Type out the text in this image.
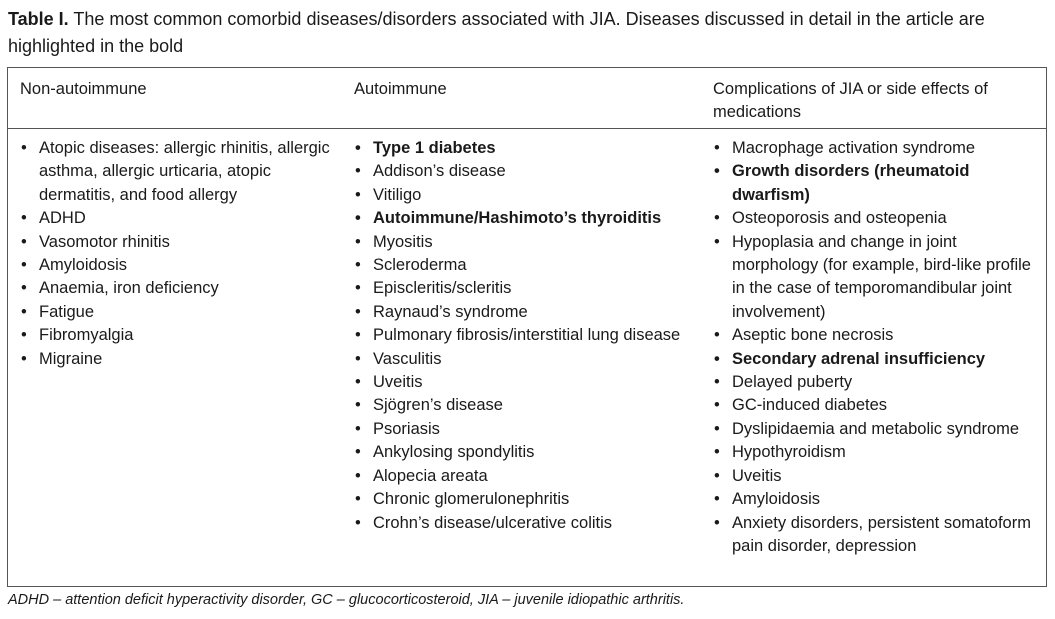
Table I. The most common comorbid diseases/disorders associated with JIA. Diseases discussed in detail in the article are highlighted in the bold
Non-autoimmune	Autoimmune	Complications of JIA or side effects of medications
• Atopic diseases: allergic rhinitis, allergic asthma, allergic urticaria, atopic dermatitis, and food allergy
• ADHD
• Vasomotor rhinitis
• Amyloidosis
• Anaemia, iron deficiency
• Fatigue
• Fibromyalgia
• Migraine
• Type 1 diabetes
• Addison’s disease
• Vitiligo
• Autoimmune/Hashimoto’s thyroiditis
• Myositis
• Scleroderma
• Episcleritis/scleritis
• Raynaud’s syndrome
• Pulmonary fibrosis/interstitial lung disease
• Vasculitis
• Uveitis
• Sjögren’s disease
• Psoriasis
• Ankylosing spondylitis
• Alopecia areata
• Chronic glomerulonephritis
• Crohn’s disease/ulcerative colitis
• Macrophage activation syndrome
• Growth disorders (rheumatoid dwarfism)
• Osteoporosis and osteopenia
• Hypoplasia and change in joint morphology (for example, bird-like profile in the case of temporomandibular joint involvement)
• Aseptic bone necrosis
• Secondary adrenal insufficiency
• Delayed puberty
• GC-induced diabetes
• Dyslipidaemia and metabolic syndrome
• Hypothyroidism
• Uveitis
• Amyloidosis
• Anxiety disorders, persistent somatoform pain disorder, depression
ADHD – attention deficit hyperactivity disorder, GC – glucocorticosteroid, JIA – juvenile idiopathic arthritis.
